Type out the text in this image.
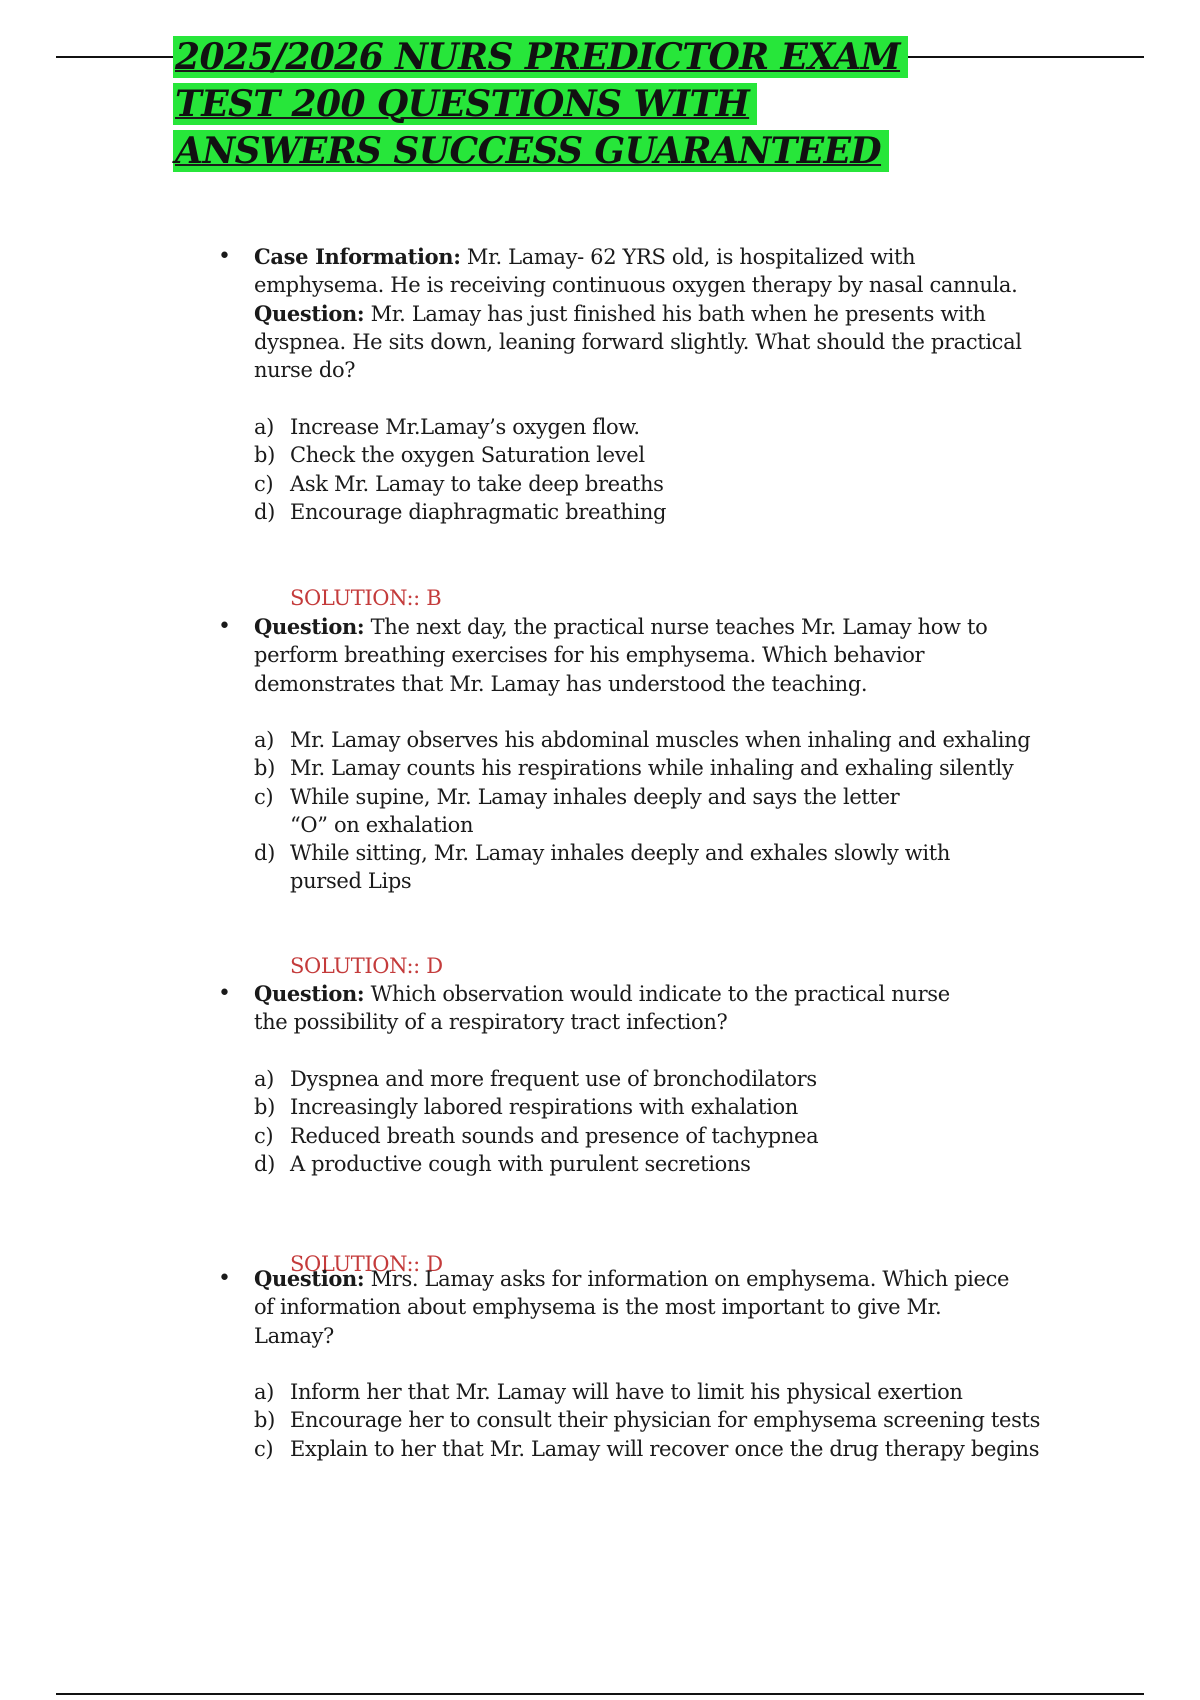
2025/2026 NURS PREDICTOR EXAM TEST 200 QUESTIONS WITH ANSWERS SUCCESS GUARANTEED
• Case Information: Mr. Lamay- 62 YRS old, is hospitalized with emphysema. He is receiving continuous oxygen therapy by nasal cannula. Question: Mr. Lamay has just finished his bath when he presents with dyspnea. He sits down, leaning forward slightly. What should the practical nurse do?
a) Increase Mr.Lamay’s oxygen flow.
b) Check the oxygen Saturation level
c) Ask Mr. Lamay to take deep breaths
d) Encourage diaphragmatic breathing
SOLUTION:: B
• Question: The next day, the practical nurse teaches Mr. Lamay how to perform breathing exercises for his emphysema. Which behavior demonstrates that Mr. Lamay has understood the teaching.
a) Mr. Lamay observes his abdominal muscles when inhaling and exhaling
b) Mr. Lamay counts his respirations while inhaling and exhaling silently
c) While supine, Mr. Lamay inhales deeply and says the letter “O” on exhalation
d) While sitting, Mr. Lamay inhales deeply and exhales slowly with pursed Lips
SOLUTION:: D
• Question: Which observation would indicate to the practical nurse the possibility of a respiratory tract infection?
a) Dyspnea and more frequent use of bronchodilators
b) Increasingly labored respirations with exhalation
c) Reduced breath sounds and presence of tachypnea
d) A productive cough with purulent secretions
SOLUTION:: D
• Question: Mrs. Lamay asks for information on emphysema. Which piece of information about emphysema is the most important to give Mr. Lamay?
a) Inform her that Mr. Lamay will have to limit his physical exertion
b) Encourage her to consult their physician for emphysema screening tests
c) Explain to her that Mr. Lamay will recover once the drug therapy begins
